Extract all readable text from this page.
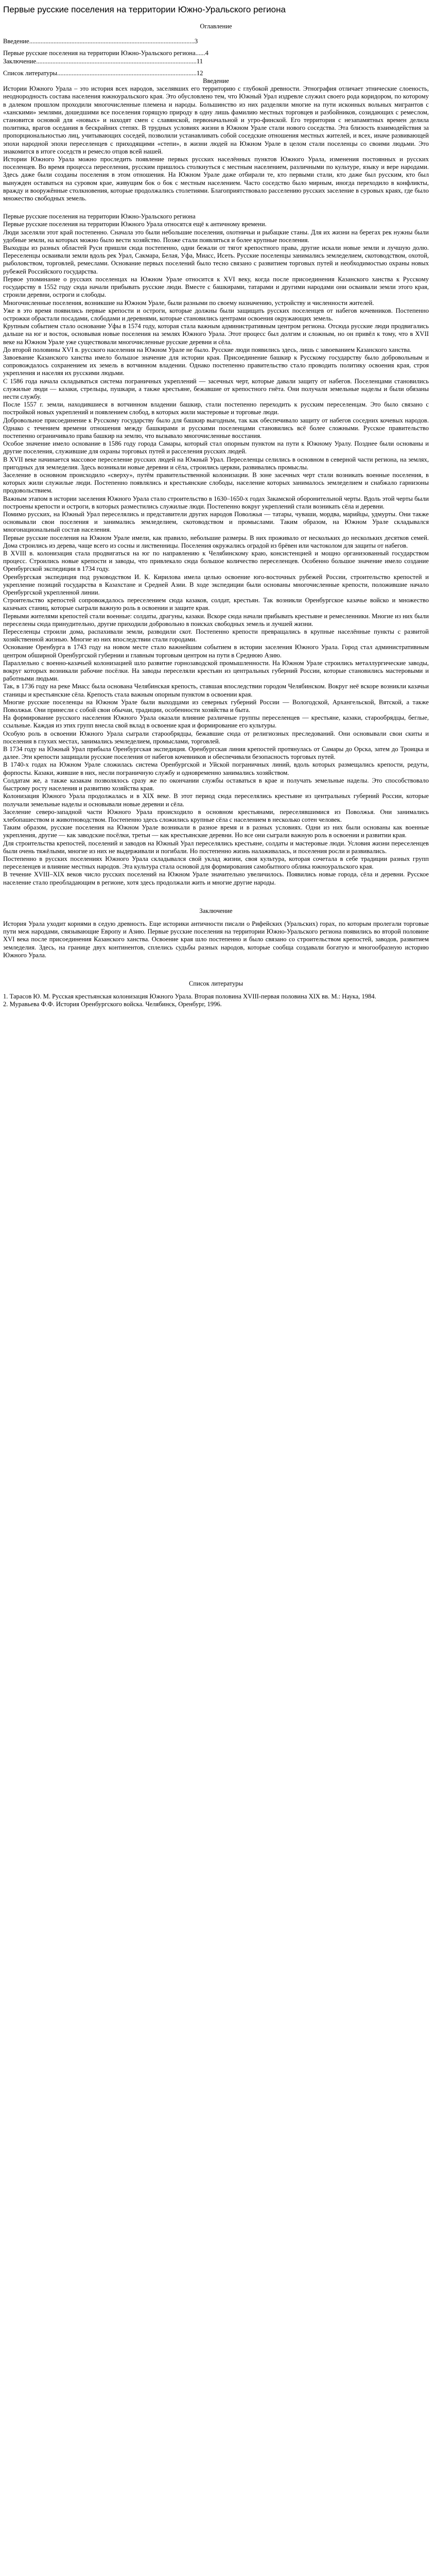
Первые русские поселения на территории Южно-Уральского региона
Оглавление
Введение......................................................................................................3
Первые русские поселения на территории Южно-Уральского региона......4
Заключение...................................................................................................11
Список литературы......................................................................................12
Введение

Истории Южного Урала – это история всех народов, заселявших его территорию с глубокой древности. Этнография отличает этнические слоеность, неоднородность состава населения южноуральского края. Это обусловлено тем, что Южный Урал издревле служил своего рода коридором, по которому в далеком прошлом проходили многочисленные племена и народы. Большинство из них разделяли многие на пути исконных вольных мигрантов с «ханскими» землями, дошедшими все поселения горящую природу в одну лишь фамилию местных торговцев и разбойников, созидающих с ремеслом, становится основой для «новых» и находят смен с славянской, первоначальной и угро-финской. Его территория с незапамятных времен делила политика, врагов оседания в бескрайних степях. В трудных условиях жизни в Южном Урале стали нового соседства. Эта близость взаимодействия за пропорциональностью лиц, учитывающих соседей, позволили устанавливать собой соседские отношения местных жителей, и всех, иначе развивающей эпохи народной эпохи переселенцев с приходящими «степи», в жизни людей на Южном Урале в целом стали поселенцы со своими людьми. Это знакомится в итоге соседств и ремесло отцов всей нашей.

Истории Южного Урала можно проследить появление первых русских населённых пунктов Южного Урала, изменения постоянных и русских поселенцев. Во время процесса переселения, русским пришлось столкнуться с местным населением, различными по культуре, языку и вере народами. Здесь даже были созданы поселения в этом отношения. На Южном Урале даже отбирали те, кто первыми стали, кто даже был русским, кто был вынужден оставаться на суровом крае, живущим бок о бок с местным населением. Часто соседство было мирным, иногда переходило в конфликты, вражду и вооружённые столкновения, которые продолжались столетиями. Благоприятствовало расселению русских заселение в суровых краях, где было множество свободных земель.

Первые русские поселения на территории Южно-Уральского региона

Первые русские поселения на территории Южного Урала относятся ещё к античному времени.

Люди заселяли этот край постепенно. Сначала это были небольшие поселения, охотничьи и рыбацкие станы. Для их жизни на берегах рек нужны были удобные земли, на которых можно было вести хозяйство. Позже стали появляться и более крупные поселения.

Выходцы из разных областей Руси пришли сюда постепенно, одни бежали от тягот крепостного права, другие искали новые земли и лучшую долю. Переселенцы осваивали земли вдоль рек Урал, Сакмара, Белая, Уфа, Миасс, Исеть. Русские поселенцы занимались земледелием, скотоводством, охотой, рыболовством, торговлей, ремеслами. Основание первых поселений было тесно связано с развитием торговых путей и необходимостью охраны новых рубежей Российского государства.

Первое упоминание о русских поселенцах на Южном Урале относится к XVI веку, когда после присоединения Казанского ханства к Русскому государству в 1552 году сюда начали прибывать русские люди. Вместе с башкирами, татарами и другими народами они осваивали земли этого края, строили деревни, остроги и слободы.

Многочисленные поселения, возникшие на Южном Урале, были разными по своему назначению, устройству и численности жителей.

Уже в это время появились первые крепости и остроги, которые должны были защищать русских поселенцев от набегов кочевников. Постепенно острожки обрастали посадами, слободами и деревнями, которые становились центрами освоения окружающих земель.

Крупным событием стало основание Уфы в 1574 году, которая стала важным административным центром региона. Отсюда русские люди продвигались дальше на юг и восток, основывая новые поселения на землях Южного Урала. Этот процесс был долгим и сложным, но он привёл к тому, что в XVII веке на Южном Урале уже существовали многочисленные русские деревни и сёла.

До второй половины XVI в. русского населения на Южном Урале не было. Русские люди появились здесь, лишь с завоеванием Казанского ханства.

Завоевание Казанского ханства имело большое значение для истории края. Присоединение башкир к Русскому государству было добровольным и сопровождалось сохранением их земель в вотчинном владении. Однако постепенно правительство стало проводить политику освоения края, строя укрепления и населяя их русскими людьми.

С 1586 года начала складываться система пограничных укреплений — засечных черт, которые давали защиту от набегов. Поселенцами становились служилые люди — казаки, стрельцы, пушкари, а также крестьяне, бежавшие от крепостного гнёта. Они получали земельные наделы и были обязаны нести службу.

После 1557 г. земли, находившиеся в вотчинном владении башкир, стали постепенно переходить к русским переселенцам. Это было связано с постройкой новых укреплений и появлением слобод, в которых жили мастеровые и торговые люди.

Добровольное присоединение к Русскому государству было для башкир выгодным, так как обеспечивало защиту от набегов соседних кочевых народов. Однако с течением времени отношения между башкирами и русскими поселенцами становились всё более сложными. Русское правительство постепенно ограничивало права башкир на землю, что вызывало многочисленные восстания.

Особое значение имело основание в 1586 году города Самары, который стал опорным пунктом на пути к Южному Уралу. Позднее были основаны и другие поселения, служившие для охраны торговых путей и расселения русских людей.

В XVII веке начинается массовое переселение русских людей на Южный Урал. Переселенцы селились в основном в северной части региона, на землях, пригодных для земледелия. Здесь возникали новые деревни и сёла, строились церкви, развивались промыслы.

Заселение в основном происходило «сверху», путём правительственной колонизации. В зоне засечных черт стали возникать военные поселения, в которых жили служилые люди. Постепенно появлялись и крестьянские слободы, население которых занималось земледелием и снабжало гарнизоны продовольствием.

Важным этапом в истории заселения Южного Урала стало строительство в 1630–1650-х годах Закамской оборонительной черты. Вдоль этой черты были построены крепости и остроги, в которых разместились служилые люди. Постепенно вокруг укреплений стали возникать сёла и деревни.

Помимо русских, на Южный Урал переселялись и представители других народов Поволжья — татары, чуваши, мордва, марийцы, удмурты. Они также основывали свои поселения и занимались земледелием, скотоводством и промыслами. Таким образом, на Южном Урале складывался многонациональный состав населения.

Первые русские поселения на Южном Урале имели, как правило, небольшие размеры. В них проживало от нескольких до нескольких десятков семей. Дома строились из дерева, чаще всего из сосны и лиственницы. Поселения окружались оградой из брёвен или частоколом для защиты от набегов.

В XVIII в. колонизация стала продвигаться на юг по направлению к Челябинскому краю, консистенцией и мощно организованный государством процесс. Строились новые крепости и заводы, что привлекало сюда большое количество переселенцев. Особенно большое значение имело создание Оренбургской экспедиции в 1734 году.

Оренбургская экспедиция под руководством И. К. Кирилова имела целью освоение юго-восточных рубежей России, строительство крепостей и укрепление позиций государства в Казахстане и Средней Азии. В ходе экспедиции были основаны многочисленные крепости, положившие начало Оренбургской укрепленной линии.

Строительство крепостей сопровождалось переселением сюда казаков, солдат, крестьян. Так возникли Оренбургское казачье войско и множество казачьих станиц, которые сыграли важную роль в освоении и защите края.

Первыми жителями крепостей стали военные: солдаты, драгуны, казаки. Вскоре сюда начали прибывать крестьяне и ремесленники. Многие из них были переселены сюда принудительно, другие приходили добровольно в поисках свободных земель и лучшей жизни.

Переселенцы строили дома, распахивали земли, разводили скот. Постепенно крепости превращались в крупные населённые пункты с развитой хозяйственной жизнью. Многие из них впоследствии стали городами.

Основание Оренбурга в 1743 году на новом месте стало важнейшим событием в истории заселения Южного Урала. Город стал административным центром обширной Оренбургской губернии и главным торговым центром на пути в Среднюю Азию.

Параллельно с военно-казачьей колонизацией шло развитие горнозаводской промышленности. На Южном Урале строились металлургические заводы, вокруг которых возникали рабочие посёлки. На заводы переселяли крестьян из центральных губерний России, которые становились мастеровыми и работными людьми.

Так, в 1736 году на реке Миасс была основана Челябинская крепость, ставшая впоследствии городом Челябинском. Вокруг неё вскоре возникли казачьи станицы и крестьянские сёла. Крепость стала важным опорным пунктом в освоении края.

Многие русские поселенцы на Южном Урале были выходцами из северных губерний России — Вологодской, Архангельской, Вятской, а также Поволжья. Они принесли с собой свои обычаи, традиции, особенности хозяйства и быта.

На формирование русского населения Южного Урала оказали влияние различные группы переселенцев — крестьяне, казаки, старообрядцы, беглые, ссыльные. Каждая из этих групп внесла свой вклад в освоение края и формирование его культуры.

Особую роль в освоении Южного Урала сыграли старообрядцы, бежавшие сюда от религиозных преследований. Они основывали свои скиты и поселения в глухих местах, занимались земледелием, промыслами, торговлей.

В 1734 году на Южный Урал прибыла Оренбургская экспедиция. Оренбургская линия крепостей протянулась от Самары до Орска, затем до Троицка и далее. Эти крепости защищали русские поселения от набегов кочевников и обеспечивали безопасность торговых путей.

В 1740-х годах на Южном Урале сложилась система Оренбургской и Уйской пограничных линий, вдоль которых размещались крепости, редуты, форпосты. Казаки, жившие в них, несли пограничную службу и одновременно занимались хозяйством.

Солдатам же, а также казакам позволялось сразу же по окончании службы оставаться в крае и получать земельные наделы. Это способствовало быстрому росту населения и развитию хозяйства края.

Колонизация Южного Урала продолжалась и в XIX веке. В этот период сюда переселялись крестьяне из центральных губерний России, которые получали земельные наделы и основывали новые деревни и сёла.

Заселение северо-западной части Южного Урала происходило в основном крестьянами, переселявшимися из Поволжья. Они занимались хлебопашеством и животноводством. Постепенно здесь сложились крупные сёла с населением в несколько сотен человек.

Таким образом, русские поселения на Южном Урале возникали в разное время и в разных условиях. Одни из них были основаны как военные укрепления, другие — как заводские посёлки, третьи — как крестьянские деревни. Но все они сыграли важную роль в освоении и развитии края.

Для строительства крепостей, поселений и заводов на Южный Урал переселялись крестьяне, солдаты и мастеровые люди. Условия жизни переселенцев были очень тяжёлыми, многие из них не выдерживали и погибали. Но постепенно жизнь налаживалась, и поселения росли и развивались.

Постепенно в русских поселениях Южного Урала складывался свой уклад жизни, своя культура, которая сочетала в себе традиции разных групп переселенцев и влияние местных народов. Эта культура стала основой для формирования самобытного облика южноуральского края.

В течение XVIII–XIX веков число русских поселений на Южном Урале значительно увеличилось. Появились новые города, сёла и деревни. Русское население стало преобладающим в регионе, хотя здесь продолжали жить и многие другие народы.

Заключение

История Урала уходит корнями в седую древность. Еще историки античности писали о Рифейских (Уральских) горах, по которым пролегали торговые пути меж народами, связывающие Европу и Азию. Первые русские поселения на территории Южно-Уральского региона появились во второй половине XVI века после присоединения Казанского ханства. Освоение края шло постепенно и было связано со строительством крепостей, заводов, развитием земледелия. Здесь, на границе двух континентов, сплелись судьбы разных народов, которые сообща создавали богатую и многообразную историю Южного Урала.

Список литературы

1. Тарасов Ю. М. Русская крестьянская колонизация Южного Урала. Вторая половина XVIII-первая половина XIX вв. М.: Наука, 1984.

2. Муравьева Ф.Ф. История Оренбургского войска. Челябинск, Оренбург, 1996.
